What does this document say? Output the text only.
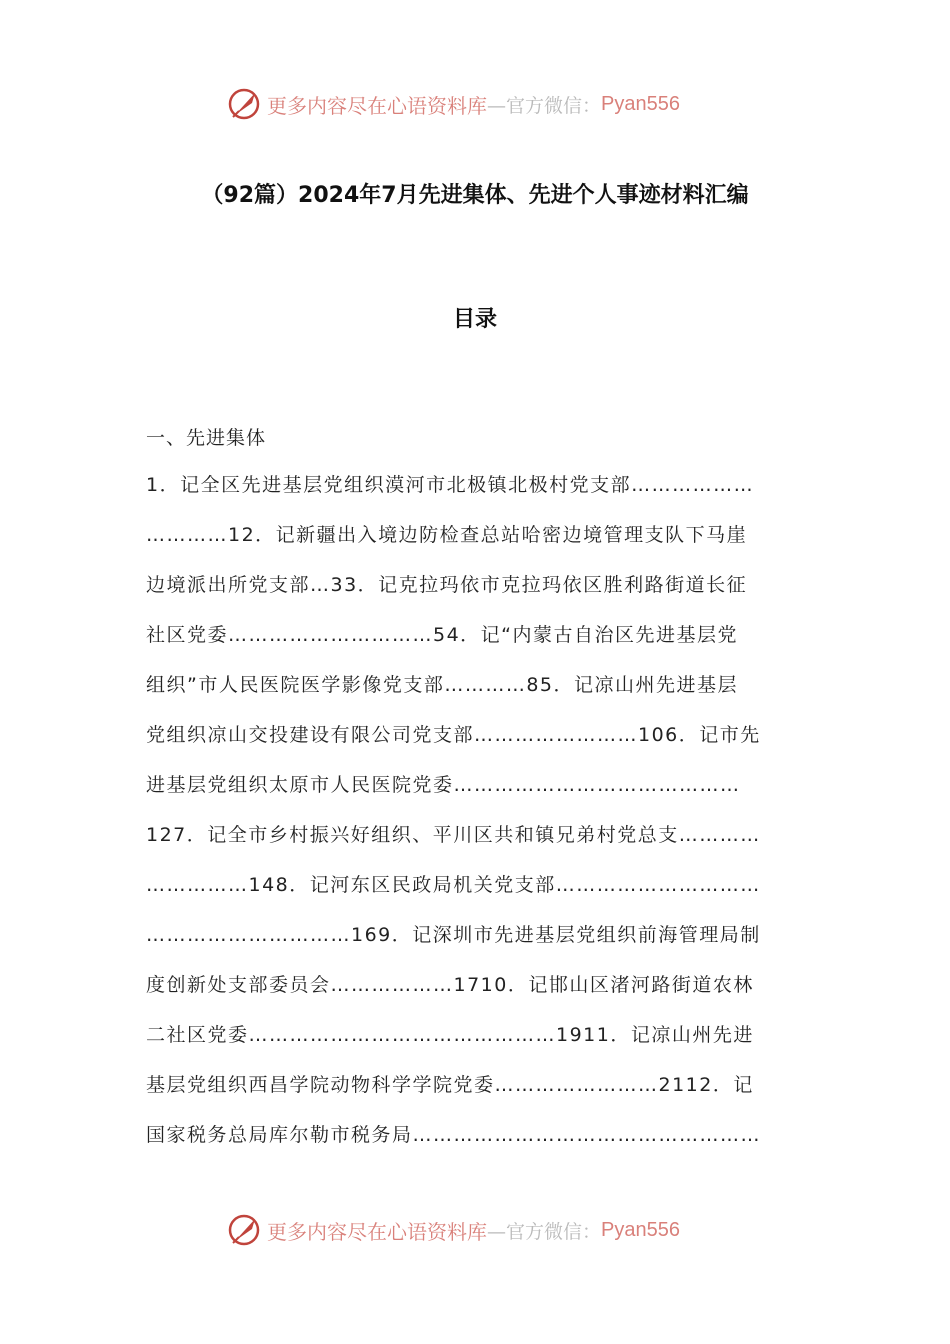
更多内容尽在心语资料库 —官方微信： Pyan556
（92篇）2024年7月先进集体、先进个人事迹材料汇编
目录
一、先进集体
1．记全区先进基层党组织漠河市北极镇北极村党支部………………
…………12．记新疆出入境边防检查总站哈密边境管理支队下马崖
边境派出所党支部…33．记克拉玛依市克拉玛依区胜利路街道长征
社区党委…………………………54．记“内蒙古自治区先进基层党
组织”市人民医院医学影像党支部…………85．记凉山州先进基层
党组织凉山交投建设有限公司党支部……………………106．记市先
进基层党组织太原市人民医院党委……………………………………
127．记全市乡村振兴好组织、平川区共和镇兄弟村党总支…………
……………148．记河东区民政局机关党支部…………………………
…………………………169．记深圳市先进基层党组织前海管理局制
度创新处支部委员会………………1710．记邯山区渚河路街道农林
二社区党委………………………………………1911．记凉山州先进
基层党组织西昌学院动物科学学院党委……………………2112．记
国家税务总局库尔勒市税务局……………………………………………
更多内容尽在心语资料库 —官方微信： Pyan556
